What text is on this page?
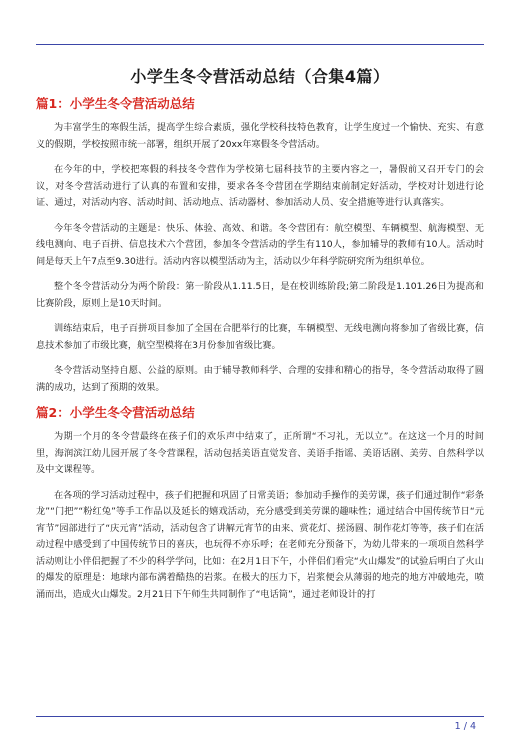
小学生冬令营活动总结（合集4篇）
篇1：小学生冬令营活动总结

为丰富学生的寒假生活，提高学生综合素质，强化学校科技特色教育，让学生度过一个愉快、充实、有意义的假期，学校按照市统一部署，组织开展了20xx年寒假冬令营活动。

在今年的中，学校把寒假的科技冬令营作为学校第七届科技节的主要内容之一，暑假前又召开专门的会议，对冬令营活动进行了认真的布置和安排，要求各冬令营团在学期结束前制定好活动，学校对计划进行论证、通过，对活动内容、活动时间、活动地点、活动器材、参加活动人员、安全措施等进行认真落实。

今年冬令营活动的主题是：快乐、体验、高效、和谐。冬令营团有：航空模型、车辆模型、航海模型、无线电测向、电子百拼、信息技术六个营团，参加冬令营活动的学生有110人，参加辅导的教师有10人。活动时间是每天上午7点至9.30进行。活动内容以模型活动为主，活动以少年科学院研究所为组织单位。

整个冬令营活动分为两个阶段：第一阶段从1.11.5日，是在校训练阶段;第二阶段是1.101.26日为提高和比赛阶段，原则上是10天时间。

训练结束后，电子百拼项目参加了全国在合肥举行的比赛，车辆模型、无线电测向将参加了省级比赛，信息技术参加了市级比赛，航空型模将在3月份参加省级比赛。

冬令营活动坚持自愿、公益的原则。由于辅导教师科学、合理的安排和精心的指导，冬令营活动取得了圆满的成功，达到了预期的效果。

篇2：小学生冬令营活动总结

为期一个月的冬令营最终在孩子们的欢乐声中结束了，正所谓“不习礼，无以立”。在这这一个月的时间里，海润滨江幼儿园开展了冬令营课程，活动包括美语直觉发音、美语手指谣、美语话剧、美劳、自然科学以及中文课程等。

在各项的学习活动过程中，孩子们把握和巩固了日常美语；参加动手操作的美劳课，孩子们通过制作“彩条龙”“门把”“粉红兔”等手工作品以及延长的嬉戏活动，充分感受到美劳课的趣味性；通过结合中国传统节日“元宵节”园部进行了“庆元宵”活动，活动包含了讲解元宵节的由来、赏花灯、搓汤圆、制作花灯等等，孩子们在活动过程中感受到了中国传统节日的喜庆，也玩得不亦乐呼；在老师充分预备下，为幼儿带来的一项项自然科学活动则让小伴侣把握了不少的科学学问，比如：在2月1日下午，小伴侣们看完“火山爆发”的试验后明白了火山的爆发的原理是：地球内部布满着酷热的岩浆。在极大的压力下，岩浆便会从薄弱的地壳的地方冲破地壳，喷涌而出，造成火山爆发。2月21日下午师生共同制作了“电话筒”，通过老师设计的打

1 / 4
